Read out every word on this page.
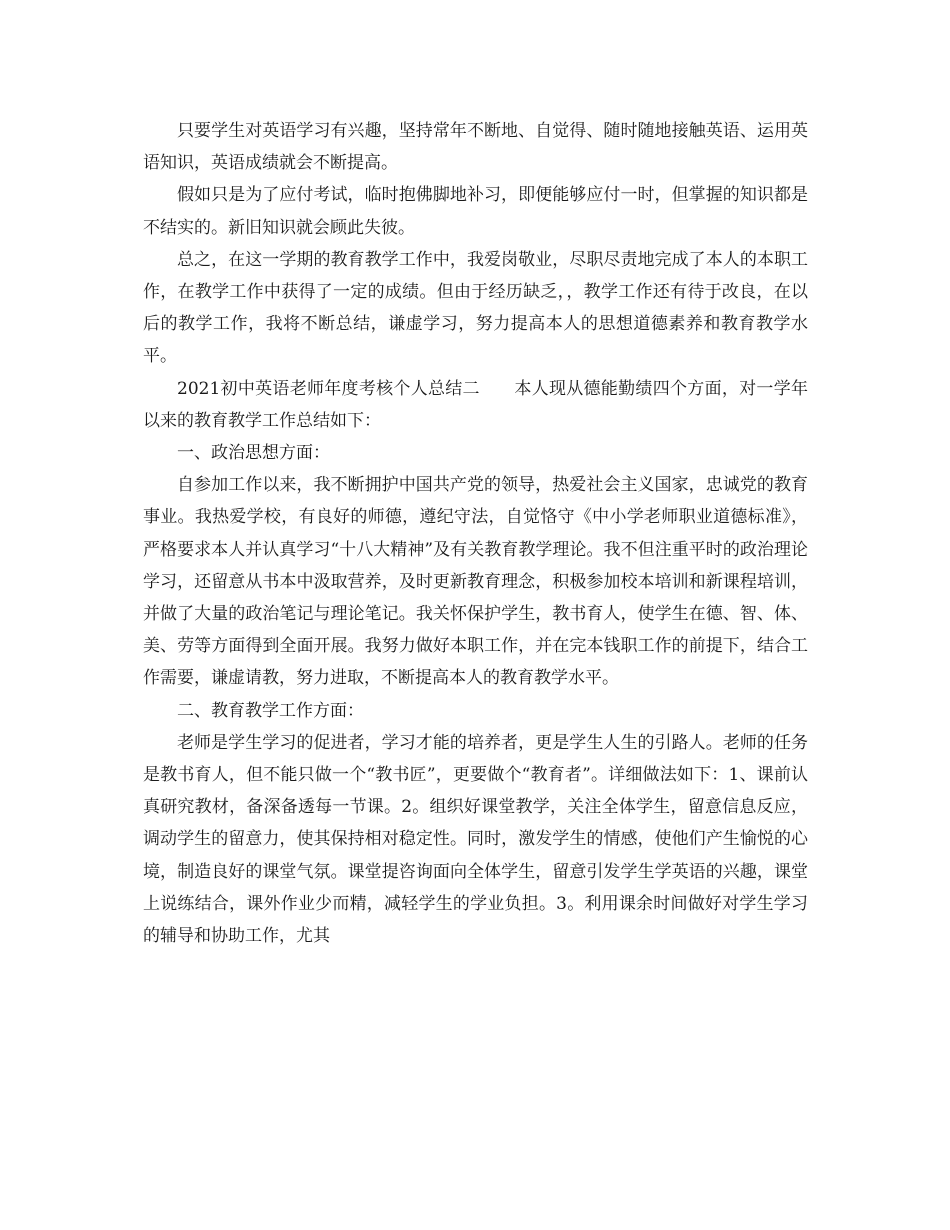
只要学生对英语学习有兴趣，坚持常年不断地、自觉得、随时随地接触英语、运用英语知识，英语成绩就会不断提高。

假如只是为了应付考试，临时抱佛脚地补习，即便能够应付一时，但掌握的知识都是不结实的。新旧知识就会顾此失彼。

总之，在这一学期的教育教学工作中，我爱岗敬业，尽职尽责地完成了本人的本职工作，在教学工作中获得了一定的成绩。但由于经历缺乏，，教学工作还有待于改良，在以后的教学工作，我将不断总结，谦虚学习，努力提高本人的思想道德素养和教育教学水平。

2021初中英语老师年度考核个人总结二　　本人现从德能勤绩四个方面，对一学年以来的教育教学工作总结如下：

一、政治思想方面：

自参加工作以来，我不断拥护中国共产党的领导，热爱社会主义国家，忠诚党的教育事业。我热爱学校，有良好的师德，遵纪守法，自觉恪守《中小学老师职业道德标准》，严格要求本人并认真学习“十八大精神”及有关教育教学理论。我不但注重平时的政治理论学习，还留意从书本中汲取营养，及时更新教育理念，积极参加校本培训和新课程培训，并做了大量的政治笔记与理论笔记。我关怀保护学生，教书育人，使学生在德、智、体、美、劳等方面得到全面开展。我努力做好本职工作，并在完本钱职工作的前提下，结合工作需要，谦虚请教，努力进取，不断提高本人的教育教学水平。

二、教育教学工作方面：

老师是学生学习的促进者，学习才能的培养者，更是学生人生的引路人。老师的任务是教书育人，但不能只做一个“教书匠”，更要做个“教育者”。详细做法如下：1、课前认真研究教材，备深备透每一节课。2。组织好课堂教学，关注全体学生，留意信息反应，调动学生的留意力，使其保持相对稳定性。同时，激发学生的情感，使他们产生愉悦的心境，制造良好的课堂气氛。课堂提咨询面向全体学生，留意引发学生学英语的兴趣，课堂上说练结合，课外作业少而精，减轻学生的学业负担。3。利用课余时间做好对学生学习的辅导和协助工作，尤其
